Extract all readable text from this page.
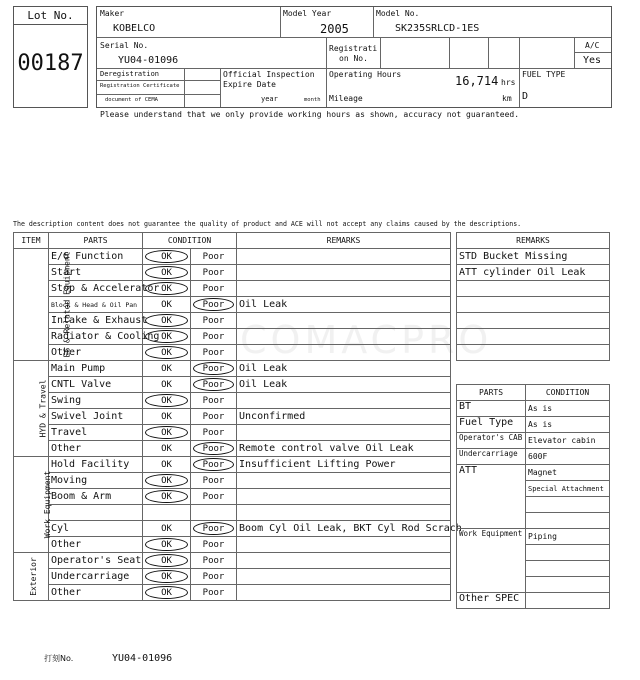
COMACPRO
Lot No.
00187
Maker
KOBELCO
Model Year
2005
Model No.
SK235SRLCD-1ES
Serial No.
YU04-01096
Registrati
on No.
A/C
Yes
Deregistration
Registration Certificate
document of CEMA
Official Inspection
Expire Date
year	month
Operating Hours	16,714 hrs
Mileage	km
FUEL TYPE
D
Please understand that we only provide working hours as shown, accuracy not guaranteed.
The description content does not guarantee the quality of product and ACE will not accept any claims caused by the descriptions.
ITEM	PARTS	CONDITION		REMARKS
EG & Related Equipment	E/G Function	OK	Poor	
	Start	OK	Poor	
	Stop & Accelerator	OK	Poor	
	Block & Head & Oil Pan	OK	Poor	Oil Leak
	Intake & Exhaust	OK	Poor	
	Radiator & Cooling	OK	Poor	
	Other	OK	Poor	
HYD & Travel	Main Pump	OK	Poor	Oil Leak
	CNTL Valve	OK	Poor	Oil Leak
	Swing	OK	Poor	
	Swivel Joint	OK	Poor	Unconfirmed
	Travel	OK	Poor	
	Other	OK	Poor	Remote control valve Oil Leak
Work Equipment	Hold Facility	OK	Poor	Insufficient Lifting Power
	Moving	OK	Poor	
	Boom & Arm	OK	Poor	

	Cyl	OK	Poor	Boom Cyl Oil Leak, BKT Cyl Rod Scrach
	Other	OK	Poor	
Exterior	Operator's Seat	OK	Poor	
	Undercarriage	OK	Poor	
	Other	OK	Poor	
REMARKS
STD Bucket Missing
ATT cylinder Oil Leak

PARTS	CONDITION
BT	As is
Fuel Type	As is
Operator's CAB	Elevator cabin
Undercarriage	600F
ATT	Magnet
	Special Attachment

Work Equipment	Piping

Other SPEC	
打刻No.	YU04-01096
